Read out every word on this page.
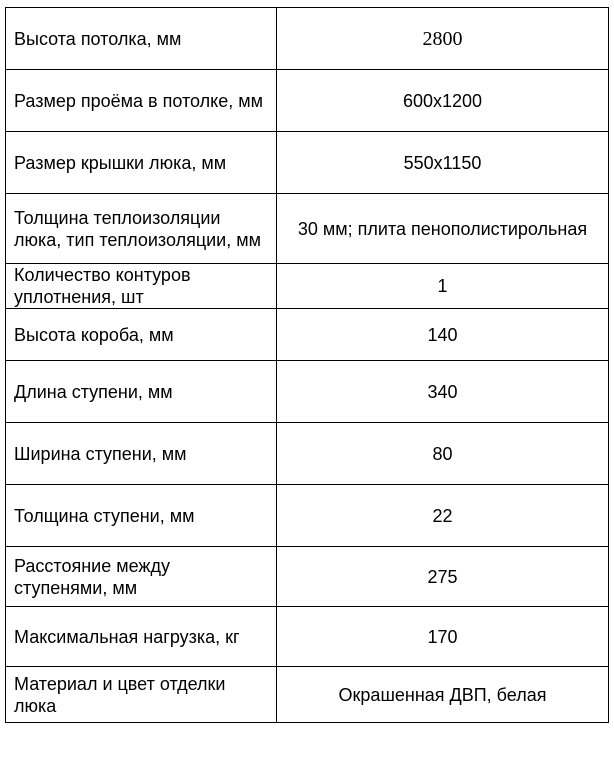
Высота потолка, мм	2800
Размер проёма в потолке, мм	600x1200
Размер крышки люка, мм	550x1150
Толщина теплоизоляции люка, тип теплоизоляции, мм	30 мм; плита пенополистирольная
Количество контуров уплотнения, шт	1
Высота короба, мм	140
Длина ступени, мм	340
Ширина ступени, мм	80
Толщина ступени, мм	22
Расстояние между ступенями, мм	275
Максимальная нагрузка, кг	170
Материал и цвет отделки люка	Окрашенная ДВП, белая
